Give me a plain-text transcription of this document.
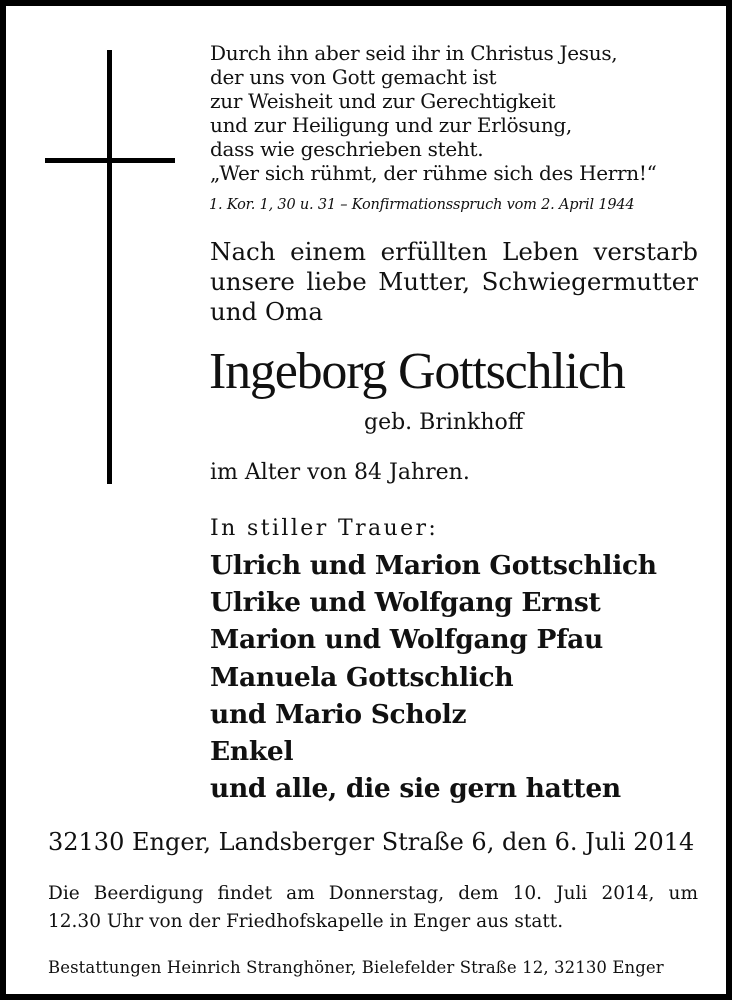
Durch ihn aber seid ihr in Christus Jesus,
der uns von Gott gemacht ist
zur Weisheit und zur Gerechtigkeit
und zur Heiligung und zur Erlösung,
dass wie geschrieben steht.
„Wer sich rühmt, der rühme sich des Herrn!“
1. Kor. 1, 30 u. 31 – Konfirmationsspruch vom 2. April 1944
Nach einem erfüllten Leben verstarb
unsere liebe Mutter, Schwiegermutter
und Oma
Ingeborg Gottschlich
geb. Brinkhoff
im Alter von 84 Jahren.
In stiller Trauer:
Ulrich und Marion Gottschlich
Ulrike und Wolfgang Ernst
Marion und Wolfgang Pfau
Manuela Gottschlich
und Mario Scholz
Enkel
und alle, die sie gern hatten
32130 Enger, Landsberger Straße 6, den 6. Juli 2014
Die Beerdigung findet am Donnerstag, dem 10. Juli 2014, um
12.30 Uhr von der Friedhofskapelle in Enger aus statt.
Bestattungen Heinrich Stranghöner, Bielefelder Straße 12, 32130 Enger
